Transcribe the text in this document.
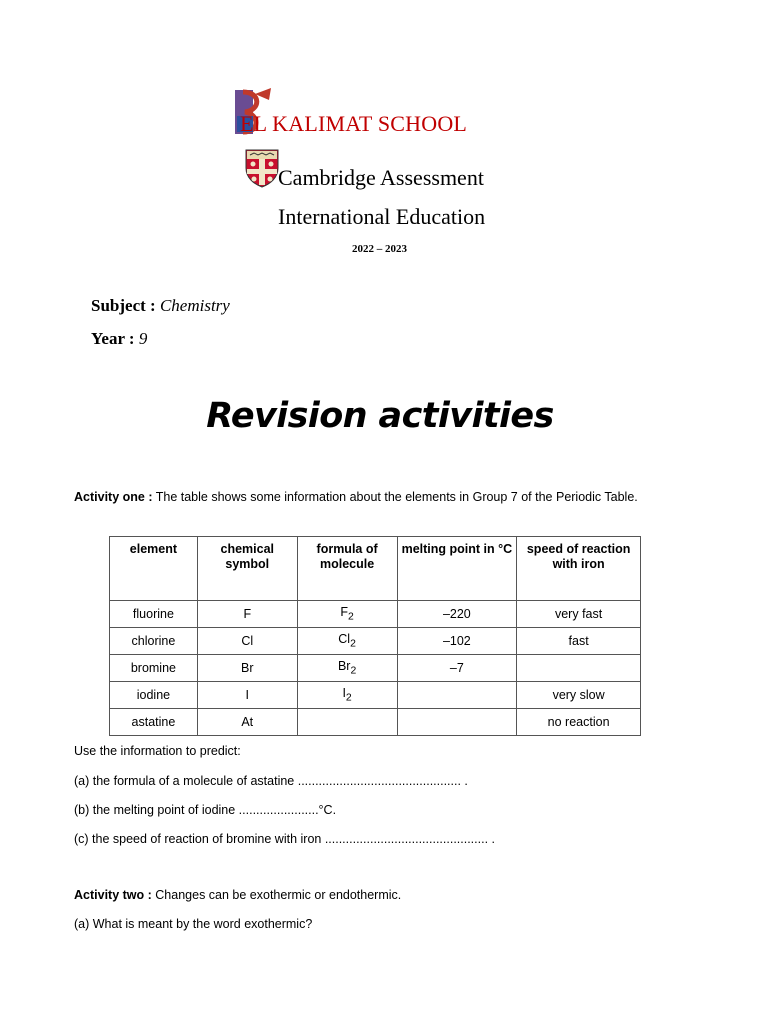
EL KALIMAT SCHOOL
Cambridge Assessment
International Education
2022 – 2023
Subject : Chemistry
Year : 9
Revision activities
Activity one : The table shows some information about the elements in Group 7 of the Periodic Table.
element	chemical symbol	formula of molecule	melting point in °C	speed of reaction with iron
fluorine	F	$F_2$	–220	very fast
chlorine	Cl	$Cl_2$	–102	fast
bromine	Br	$Br_2$	–7	
iodine	I	$I_2$		very slow
astatine	At			no reaction
Use the information to predict:
(a) the formula of a molecule of astatine ............................................... .
(b) the melting point of iodine .......................°C.
(c) the speed of reaction of bromine with iron ............................................... .
Activity two : Changes can be exothermic or endothermic.
(a) What is meant by the word exothermic?
